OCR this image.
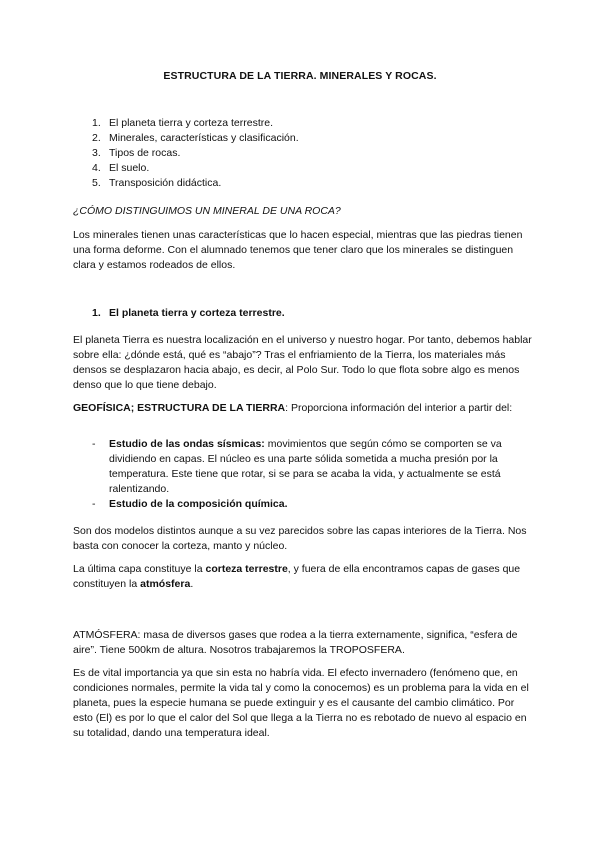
ESTRUCTURA DE LA TIERRA. MINERALES Y ROCAS.
1. El planeta tierra y corteza terrestre.
2. Minerales, características y clasificación.
3. Tipos de rocas.
4. El suelo.
5. Transposición didáctica.
¿CÓMO DISTINGUIMOS UN MINERAL DE UNA ROCA?

Los minerales tienen unas características que lo hacen especial, mientras que las piedras tienen una forma deforme. Con el alumnado tenemos que tener claro que los minerales se distinguen clara y estamos rodeados de ellos.

1. El planeta tierra y corteza terrestre.

El planeta Tierra es nuestra localización en el universo y nuestro hogar. Por tanto, debemos hablar sobre ella: ¿dónde está, qué es “abajo”? Tras el enfriamiento de la Tierra, los materiales más densos se desplazaron hacia abajo, es decir, al Polo Sur. Todo lo que flota sobre algo es menos denso que lo que tiene debajo.

GEOFÍSICA; ESTRUCTURA DE LA TIERRA: Proporciona información del interior a partir del:

-	Estudio de las ondas sísmicas: movimientos que según cómo se comporten se va dividiendo en capas. El núcleo es una parte sólida sometida a mucha presión por la temperatura. Este tiene que rotar, si se para se acaba la vida, y actualmente se está ralentizando.
-	Estudio de la composición química.

Son dos modelos distintos aunque a su vez parecidos sobre las capas interiores de la Tierra. Nos basta con conocer la corteza, manto y núcleo.

La última capa constituye la corteza terrestre, y fuera de ella encontramos capas de gases que constituyen la atmósfera.

ATMÓSFERA: masa de diversos gases que rodea a la tierra externamente, significa, “esfera de aire”. Tiene 500km de altura. Nosotros trabajaremos la TROPOSFERA.

Es de vital importancia ya que sin esta no habría vida. El efecto invernadero (fenómeno que, en condiciones normales, permite la vida tal y como la conocemos) es un problema para la vida en el planeta, pues la especie humana se puede extinguir y es el causante del cambio climático. Por esto (El) es por lo que el calor del Sol que llega a la Tierra no es rebotado de nuevo al espacio en su totalidad, dando una temperatura ideal.
